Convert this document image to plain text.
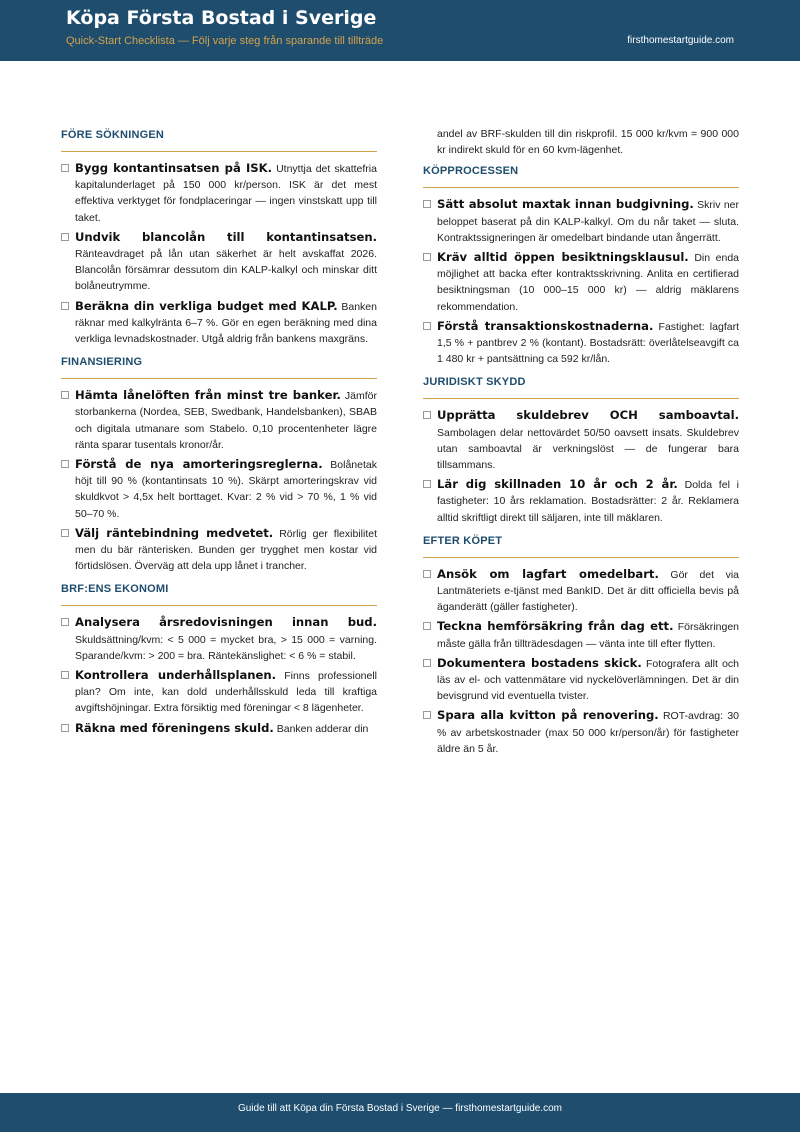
Köpa Första Bostad i Sverige
Quick-Start Checklista — Följ varje steg från sparande till tillträde	firsthomestartguide.com
FÖRE SÖKNINGEN
Bygg kontantinsatsen på ISK. Utnyttja det skattefria kapitalunderlaget på 150 000 kr/person. ISK är det mest effektiva verktyget för fondplaceringar — ingen vinstskatt upp till taket.
Undvik blancolån till kontantinsatsen. Ränteavdraget på lån utan säkerhet är helt avskaffat 2026. Blancolån försämrar dessutom din KALP-kalkyl och minskar ditt bolåneutrymme.
Beräkna din verkliga budget med KALP. Banken räknar med kalkylränta 6–7 %. Gör en egen beräkning med dina verkliga levnadskostnader. Utgå aldrig från bankens maxgräns.
FINANSIERING
Hämta lånelöften från minst tre banker. Jämför storbankerna (Nordea, SEB, Swedbank, Handelsbanken), SBAB och digitala utmanare som Stabelo. 0,10 procentenheter lägre ränta sparar tusentals kronor/år.
Förstå de nya amorteringsreglerna. Bolånetak höjt till 90 % (kontantinsats 10 %). Skärpt amorteringskrav vid skuldkvot > 4,5x helt borttaget. Kvar: 2 % vid > 70 %, 1 % vid 50–70 %.
Välj räntebindning medvetet. Rörlig ger flexibilitet men du bär ränterisken. Bunden ger trygghet men kostar vid förtidslösen. Överväg att dela upp lånet i trancher.
BRF:ENS EKONOMI
Analysera årsredovisningen innan bud. Skuldsättning/kvm: < 5 000 = mycket bra, > 15 000 = varning. Sparande/kvm: > 200 = bra. Räntekänslighet: < 6 % = stabil.
Kontrollera underhållsplanen. Finns professionell plan? Om inte, kan dold underhållsskuld leda till kraftiga avgiftshöjningar. Extra försiktig med föreningar < 8 lägenheter.
Räkna med föreningens skuld. Banken adderar din
andel av BRF-skulden till din riskprofil. 15 000 kr/kvm = 900 000 kr indirekt skuld för en 60 kvm-lägenhet.
KÖPPROCESSEN
Sätt absolut maxtak innan budgivning. Skriv ner beloppet baserat på din KALP-kalkyl. Om du når taket — sluta. Kontraktssigneringen är omedelbart bindande utan ångerrätt.
Kräv alltid öppen besiktningsklausul. Din enda möjlighet att backa efter kontraktsskrivning. Anlita en certifierad besiktningsman (10 000–15 000 kr) — aldrig mäklarens rekommendation.
Förstå transaktionskostnaderna. Fastighet: lagfart 1,5 % + pantbrev 2 % (kontant). Bostadsrätt: överlåtelseavgift ca 1 480 kr + pantsättning ca 592 kr/lån.
JURIDISKT SKYDD
Upprätta skuldebrev OCH samboavtal. Sambolagen delar nettovärdet 50/50 oavsett insats. Skuldebrev utan samboavtal är verkningslöst — de fungerar bara tillsammans.
Lär dig skillnaden 10 år och 2 år. Dolda fel i fastigheter: 10 års reklamation. Bostadsrätter: 2 år. Reklamera alltid skriftligt direkt till säljaren, inte till mäklaren.
EFTER KÖPET
Ansök om lagfart omedelbart. Gör det via Lantmäteriets e-tjänst med BankID. Det är ditt officiella bevis på äganderätt (gäller fastigheter).
Teckna hemförsäkring från dag ett. Försäkringen måste gälla från tillträdesdagen — vänta inte till efter flytten.
Dokumentera bostadens skick. Fotografera allt och läs av el- och vattenmätare vid nyckelöverlämningen. Det är din bevisgrund vid eventuella tvister.
Spara alla kvitton på renovering. ROT-avdrag: 30 % av arbetskostnader (max 50 000 kr/person/år) för fastigheter äldre än 5 år.
Guide till att Köpa din Första Bostad i Sverige — firsthomestartguide.com
